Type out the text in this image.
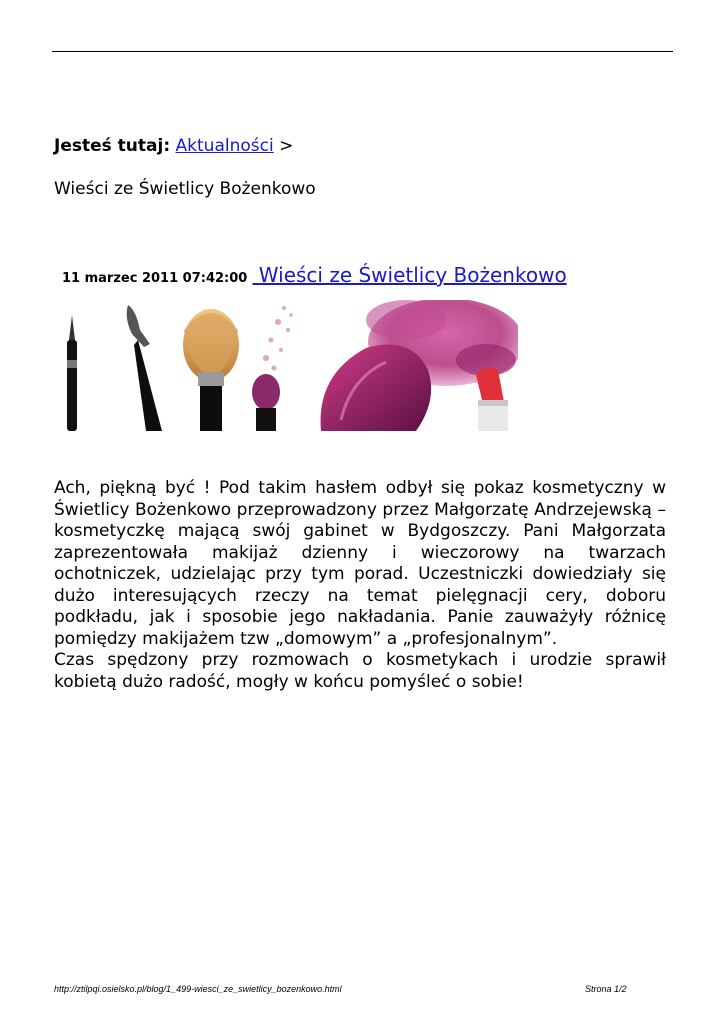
Jesteś tutaj: Aktualności >
Wieści ze Świetlicy Bożenkowo
11 marzec 2011 07:42:00 Wieści ze Świetlicy Bożenkowo

Ach, piękną być ! Pod takim hasłem odbył się pokaz kosmetyczny w Świetlicy Bożenkowo przeprowadzony przez Małgorzatę Andrzejewską – kosmetyczkę mającą swój gabinet w Bydgoszczy. Pani Małgorzata zaprezentowała makijaż dzienny i wieczorowy na twarzach ochotniczek, udzielając przy tym porad. Uczestniczki dowiedziały się dużo interesujących rzeczy na temat pielęgnacji cery, doboru podkładu, jak i sposobie jego nakładania. Panie zauważyły różnicę pomiędzy makijażem tzw „domowym” a „profesjonalnym”.

Czas spędzony przy rozmowach o kosmetykach i urodzie sprawił kobietą dużo radość, mogły w końcu pomyśleć o sobie!

http://ztilpqi.osielsko.pl/blog/1_499-wiesci_ze_swietlicy_bozenkowo.html	Strona 1/2
